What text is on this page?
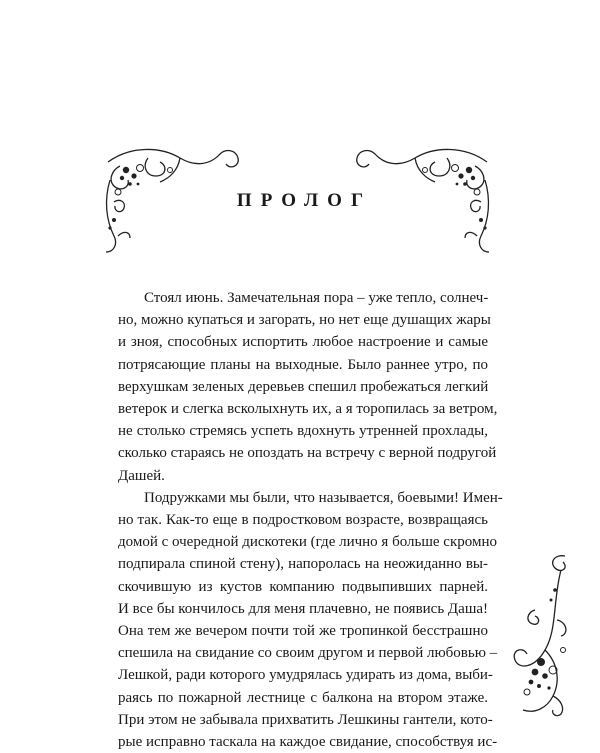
ПРОЛОГ
Стоял июнь. Замечательная пора – уже тепло, солнеч-
но, можно купаться и загорать, но нет еще душащих жары
и зноя, способных испортить любое настроение и самые
потрясающие планы на выходные. Было раннее утро, по
верхушкам зеленых деревьев спешил пробежаться легкий
ветерок и слегка всколыхнуть их, а я торопилась за ветром,
не столько стремясь успеть вдохнуть утренней прохлады,
сколько стараясь не опоздать на встречу с верной подругой
Дашей.
Подружками мы были, что называется, боевыми! Имен-
но так. Как-то еще в подростковом возрасте, возвращаясь
домой с очередной дискотеки (где лично я больше скромно
подпирала спиной стену), напоролась на неожиданно вы-
скочившую из кустов компанию подвыпивших парней.
И все бы кончилось для меня плачевно, не появись Даша!
Она тем же вечером почти той же тропинкой бесстрашно
спешила на свидание со своим другом и первой любовью –
Лешкой, ради которого умудрялась удирать из дома, выби-
раясь по пожарной лестнице с балкона на втором этаже.
При этом не забывала прихватить Лешкины гантели, кото-
рые исправно таскала на каждое свидание, способствуя ис-
